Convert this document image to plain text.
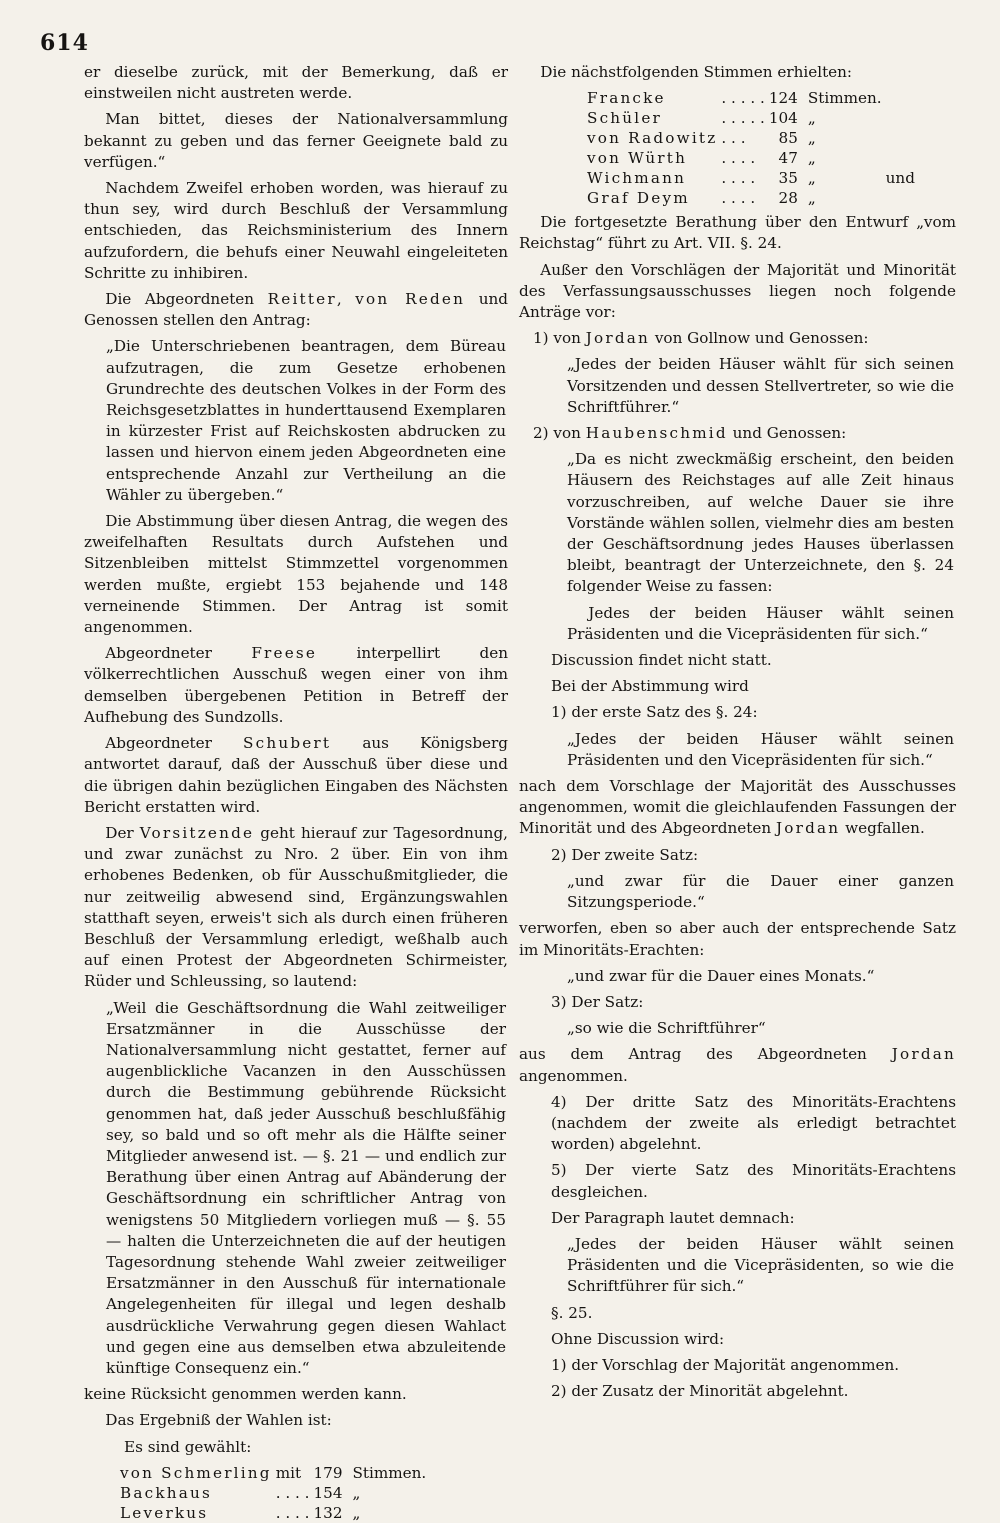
614

er dieselbe zurück, mit der Bemerkung, daß er einstweilen nicht austreten werde.

Man bittet, dieses der Nationalversammlung bekannt zu geben und das ferner Geeignete bald zu verfügen.“

Nachdem Zweifel erhoben worden, was hierauf zu thun sey, wird durch Beschluß der Versammlung entschieden, das Reichsministerium des Innern aufzufordern, die behufs einer Neuwahl eingeleiteten Schritte zu inhibiren.

Die Abgeordneten Reitter, von Reden und Genossen stellen den Antrag:

„Die Unterschriebenen beantragen, dem Büreau aufzutragen, die zum Gesetze erhobenen Grundrechte des deutschen Volkes in der Form des Reichsgesetzblattes in hunderttausend Exemplaren in kürzester Frist auf Reichskosten abdrucken zu lassen und hiervon einem jeden Abgeordneten eine entsprechende Anzahl zur Vertheilung an die Wähler zu übergeben.“

Die Abstimmung über diesen Antrag, die wegen des zweifelhaften Resultats durch Aufstehen und Sitzenbleiben mittelst Stimmzettel vorgenommen werden mußte, ergiebt 153 bejahende und 148 verneinende Stimmen. Der Antrag ist somit angenommen.

Abgeordneter	Freese	interpellirt den völkerrechtlichen Ausschuß wegen einer von ihm demselben übergebenen Petition in Betreff der Aufhebung des Sundzolls.

Abgeordneter Schubert aus Königsberg antwortet darauf, daß der Ausschuß über diese und die übrigen dahin bezüglichen Eingaben des Nächsten Bericht erstatten wird.

Der Vorsitzende geht hierauf zur Tagesordnung, und zwar zunächst zu Nro. 2 über. Ein von ihm erhobenes Bedenken, ob für Ausschußmitglieder, die nur zeitweilig abwesend sind, Ergänzungswahlen statthaft seyen, erweis't sich als durch einen früheren Beschluß der Versammlung erledigt, weßhalb auch auf einen Protest der Abgeordneten Schirmeister, Rüder und Schleussing, so lautend:

„Weil die Geschäftsordnung die Wahl zeitweiliger Ersatzmänner in die Ausschüsse der Nationalversammlung nicht gestattet, ferner auf augenblickliche Vacanzen in den Ausschüssen durch die Bestimmung gebührende Rücksicht genommen hat, daß jeder Ausschuß beschlußfähig sey, so bald und so oft mehr als die Hälfte seiner Mitglieder anwesend ist. — §. 21 — und endlich zur Berathung über einen Antrag auf Abänderung der Geschäftsordnung ein schriftlicher Antrag von wenigstens 50 Mitgliedern vorliegen muß — §. 55 — halten die Unterzeichneten die auf der heutigen Tagesordnung stehende Wahl zweier zeitweiliger Ersatzmänner in den Ausschuß für internationale Angelegenheiten für illegal und legen deshalb ausdrückliche Verwahrung gegen diesen Wahlact und gegen eine aus demselben etwa abzuleitende künftige Consequenz ein.“

keine Rücksicht genommen werden kann.

Das Ergebniß der Wahlen ist:

Es sind gewählt:

von Schmerling	mit	179	Stimmen.
Backhaus	. . . .	154	„
Leverkus	. . . .	132	„

Die nächstfolgenden Stimmen erhielten:

Francke	. . . . .	124	Stimmen.	
Schüler	. . . . .	104	„	
von Radowitz	. . .	85	„	
von Würth	. . . .	47	„	
Wichmann	. . . .	35	„	und
Graf Deym	. . . .	28	„	

Die fortgesetzte Berathung über den Entwurf „vom Reichstag“ führt zu Art. VII. §. 24.

Außer den Vorschlägen der Majorität und Minorität des Verfassungsausschusses liegen noch folgende Anträge vor:

1) von Jordan von Gollnow und Genossen:

„Jedes der beiden Häuser wählt für sich seinen Vorsitzenden und dessen Stellvertreter, so wie die Schriftführer.“

2) von Haubenschmid und Genossen:

„Da es nicht zweckmäßig erscheint, den beiden Häusern des Reichstages auf alle Zeit hinaus vorzuschreiben, auf welche Dauer sie ihre Vorstände wählen sollen, vielmehr dies am besten der Geschäftsordnung jedes Hauses überlassen bleibt, beantragt der Unterzeichnete, den §. 24 folgender Weise zu fassen:

Jedes der beiden Häuser wählt seinen Präsidenten und die Vicepräsidenten für sich.“

Discussion findet nicht statt.

Bei der Abstimmung wird

1) der erste Satz des §. 24:

„Jedes der beiden Häuser wählt seinen Präsidenten und den Vicepräsidenten für sich.“

nach dem Vorschlage der Majorität des Ausschusses angenommen, womit die gleichlaufenden Fassungen der Minorität und des Abgeordneten Jordan wegfallen.

2) Der zweite Satz:

„und zwar für die Dauer einer ganzen Sitzungsperiode.“

verworfen, eben so aber auch der entsprechende Satz im Minoritäts-Erachten:

„und zwar für die Dauer eines Monats.“

3) Der Satz:

„so wie die Schriftführer“

aus dem Antrag des Abgeordneten Jordan angenommen.

4) Der dritte Satz des Minoritäts-Erachtens (nachdem der zweite als erledigt betrachtet worden) abgelehnt.

5) Der vierte Satz des Minoritäts-Erachtens desgleichen.

Der Paragraph lautet demnach:

„Jedes der beiden Häuser wählt seinen Präsidenten und die Vicepräsidenten, so wie die Schriftführer für sich.“

§. 25.

Ohne Discussion wird:

1) der Vorschlag der Majorität angenommen.

2) der Zusatz der Minorität abgelehnt.
